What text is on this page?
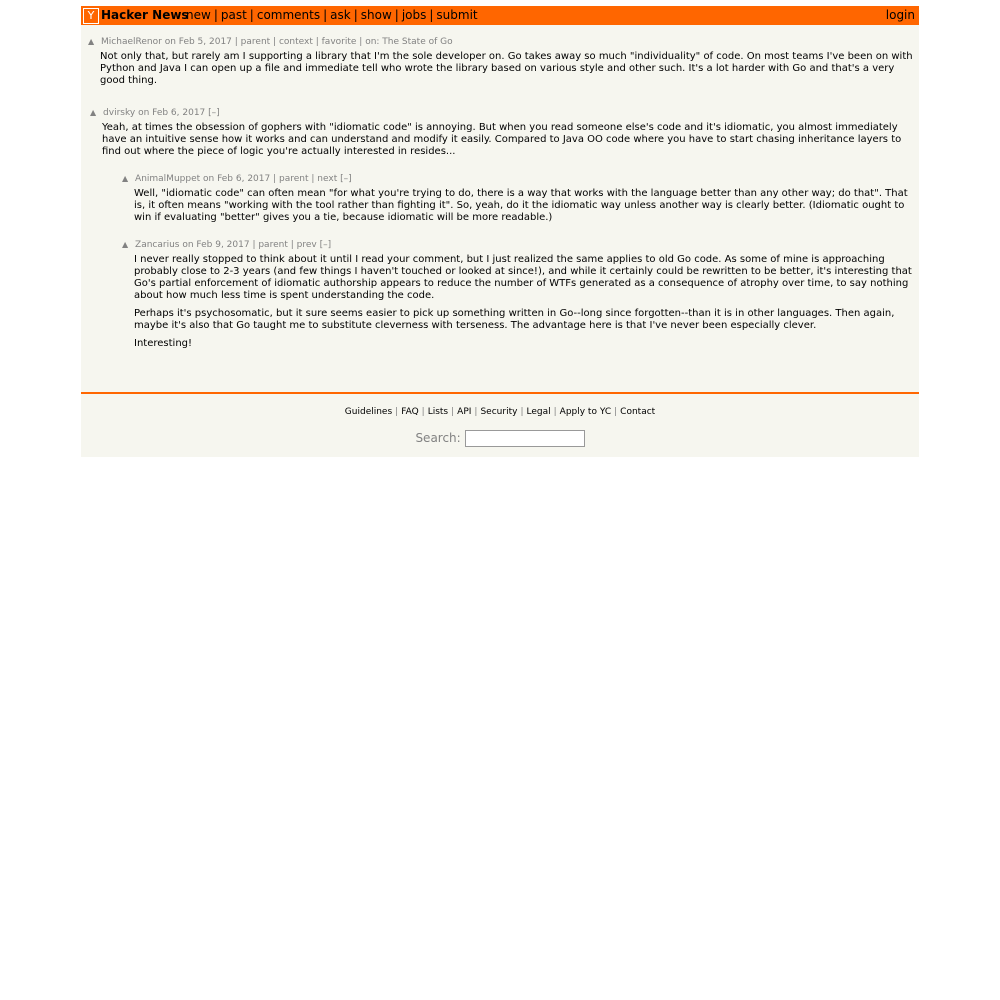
Y Hacker News
new | past | comments | ask | show | jobs | submit	login
▲ MichaelRenor on Feb 5, 2017 | parent | context | favorite | on: The State of Go

Not only that, but rarely am I supporting a library that I'm the sole developer on. Go takes away so much "individuality" of code. On most teams I've been on with Python and Java I can open up a file and immediate tell who wrote the library based on various style and other such. It's a lot harder with Go and that's a very good thing.

▲ dvirsky on Feb 6, 2017 [–]

Yeah, at times the obsession of gophers with "idiomatic code" is annoying. But when you read someone else's code and it's idiomatic, you almost immediately have an intuitive sense how it works and can understand and modify it easily. Compared to Java OO code where you have to start chasing inheritance layers to find out where the piece of logic you're actually interested in resides...

▲ AnimalMuppet on Feb 6, 2017 | parent | next [–]

Well, "idiomatic code" can often mean "for what you're trying to do, there is a way that works with the language better than any other way; do that". That is, it often means "working with the tool rather than fighting it". So, yeah, do it the idiomatic way unless another way is clearly better. (Idiomatic ought to win if evaluating "better" gives you a tie, because idiomatic will be more readable.)

▲ Zancarius on Feb 9, 2017 | parent | prev [–]

I never really stopped to think about it until I read your comment, but I just realized the same applies to old Go code. As some of mine is approaching probably close to 2-3 years (and few things I haven't touched or looked at since!), and while it certainly could be rewritten to be better, it's interesting that Go's partial enforcement of idiomatic authorship appears to reduce the number of WTFs generated as a consequence of atrophy over time, to say nothing about how much less time is spent understanding the code.

Perhaps it's psychosomatic, but it sure seems easier to pick up something written in Go--long since forgotten--than it is in other languages. Then again, maybe it's also that Go taught me to substitute cleverness with terseness. The advantage here is that I've never been especially clever.

Interesting!

Guidelines | FAQ | Lists | API | Security | Legal | Apply to YC | Contact
Search:
